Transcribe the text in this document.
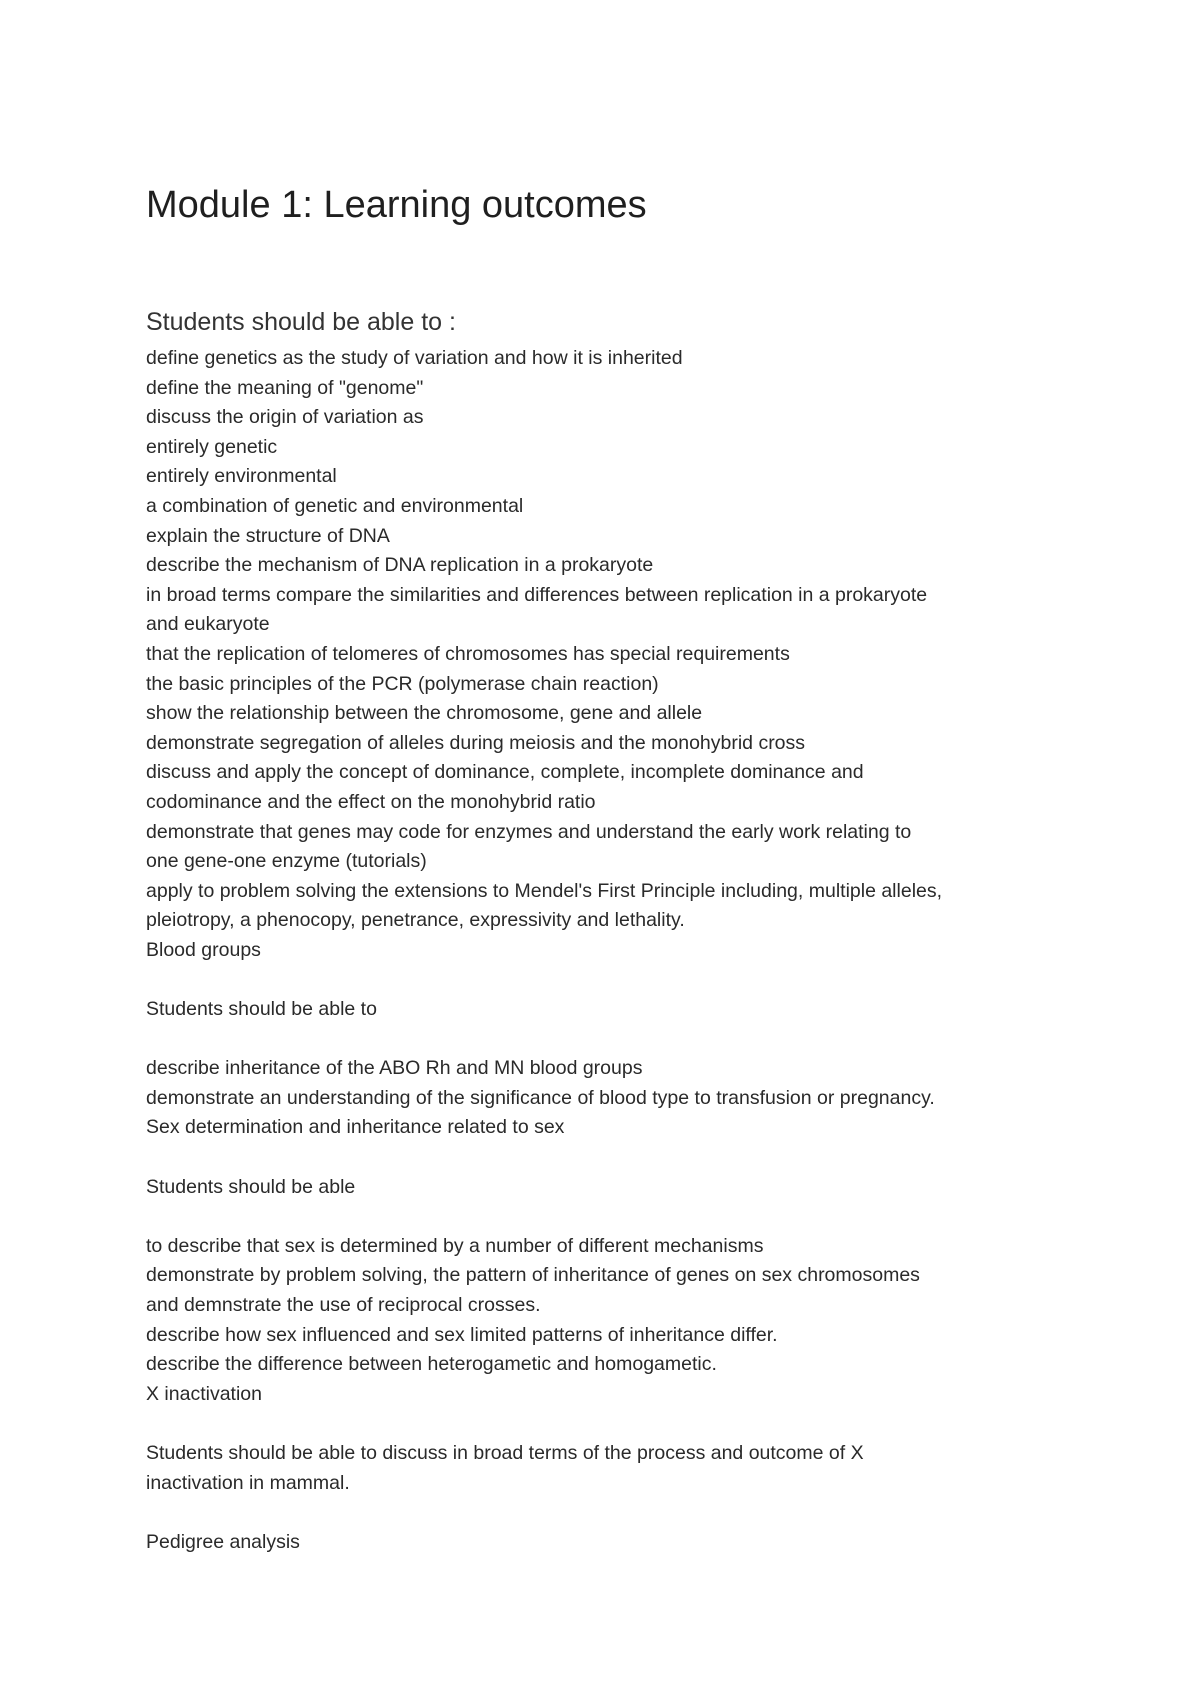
Module 1: Learning outcomes
Students should be able to :
define genetics as the study of variation and how it is inherited
define the meaning of "genome"
discuss the origin of variation as
entirely genetic
entirely environmental
a combination of genetic and environmental
explain the structure of DNA
describe the mechanism of DNA replication in a prokaryote
in broad terms compare the similarities and differences between replication in a prokaryote
and eukaryote
that the replication of telomeres of chromosomes has special requirements
the basic principles of the PCR (polymerase chain reaction)
show the relationship between the chromosome, gene and allele
demonstrate segregation of alleles during meiosis and the monohybrid cross
discuss and apply the concept of dominance, complete, incomplete dominance and
codominance and the effect on the monohybrid ratio
demonstrate that genes may code for enzymes and understand the early work relating to
one gene-one enzyme (tutorials)
apply to problem solving the extensions to Mendel's First Principle including, multiple alleles,
pleiotropy, a phenocopy, penetrance, expressivity and lethality.
Blood groups
Students should be able to
describe inheritance of the ABO Rh and MN blood groups
demonstrate an understanding of the significance of blood type to transfusion or pregnancy.
Sex determination and inheritance related to sex
Students should be able
to describe that sex is determined by a number of different mechanisms
demonstrate by problem solving, the pattern of inheritance of genes on sex chromosomes
and demnstrate the use of reciprocal crosses.
describe how sex influenced and sex limited patterns of inheritance differ.
describe the difference between heterogametic and homogametic.
X inactivation
Students should be able to discuss in broad terms of the process and outcome of X
inactivation in mammal.
Pedigree analysis
